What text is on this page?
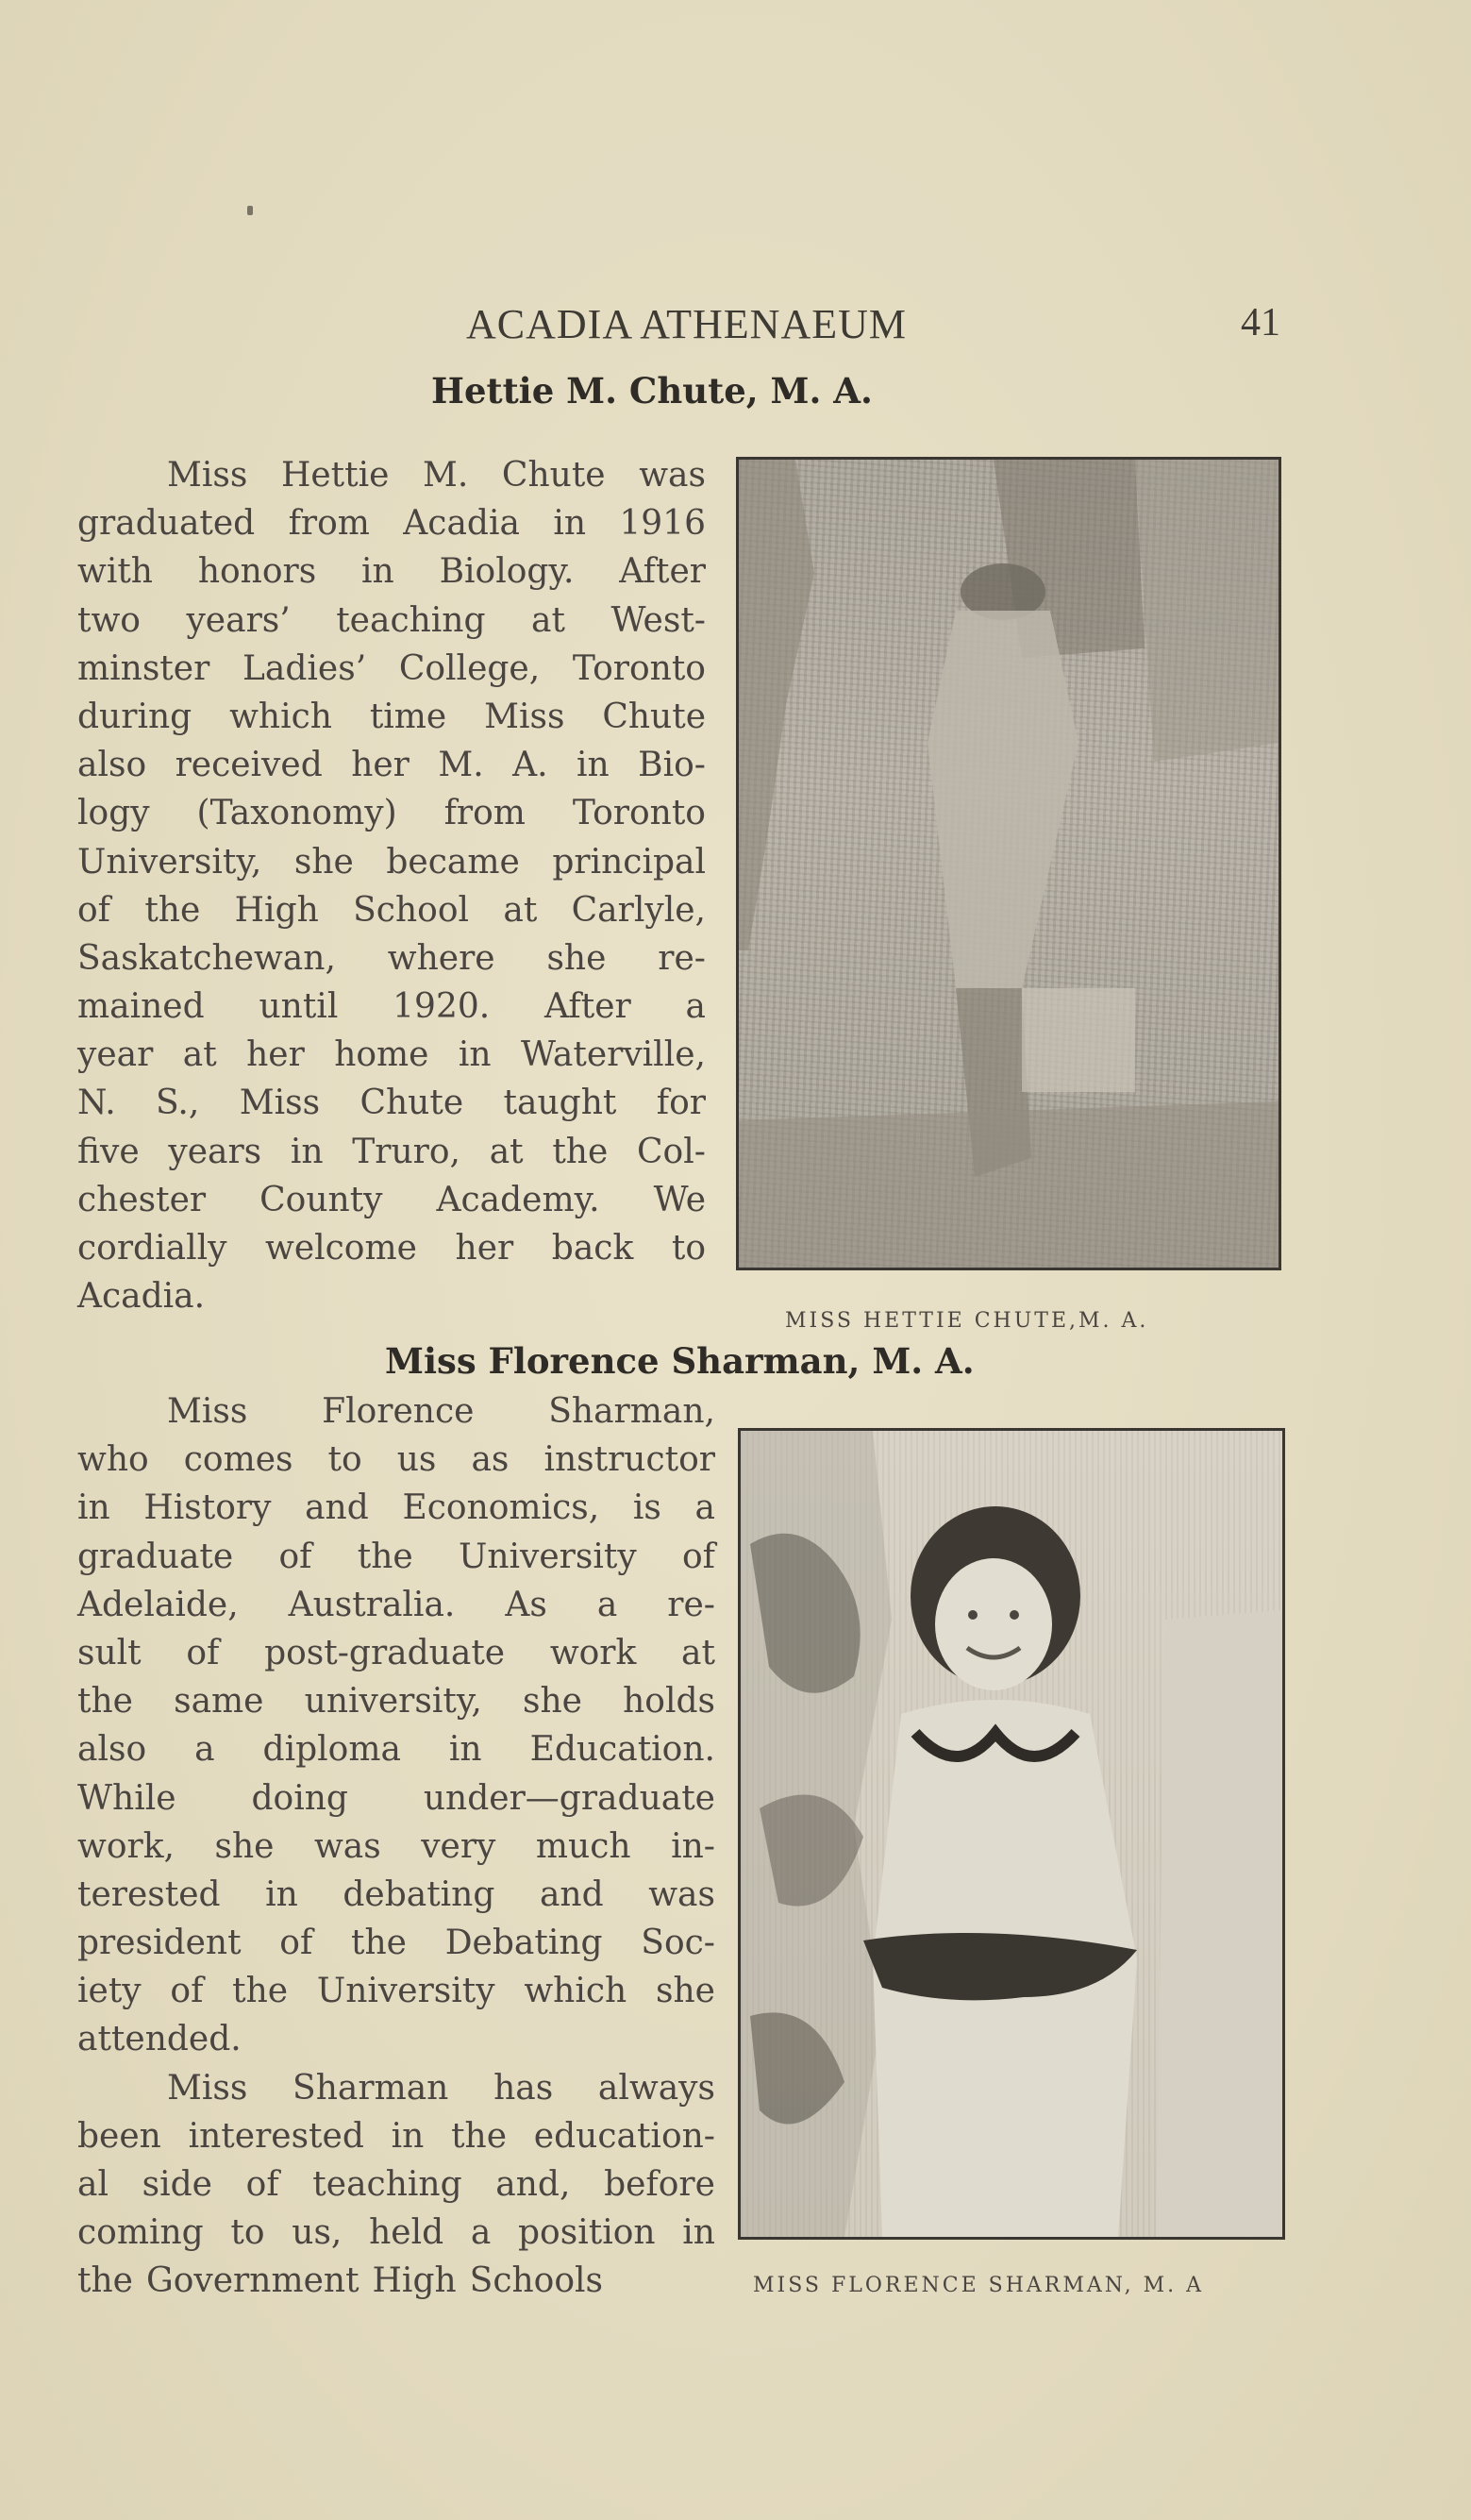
ACADIA ATHENAEUM	41
Hettie M. Chute, M. A.
Miss Hettie M. Chute was
graduated from Acadia in 1916
with honors in Biology. After
two years’ teaching at West-
minster Ladies’ College, Toronto
during which time Miss Chute
also received her M. A. in Bio-
logy (Taxonomy) from Toronto
University, she became principal
of the High School at Carlyle,
Saskatchewan, where she re-
mained until 1920. After a
year at her home in Waterville,
N. S., Miss Chute taught for
five years in Truro, at the Col-
chester County Academy. We
cordially welcome her back to
Acadia.
MISS HETTIE CHUTE,M. A.
Miss Florence Sharman, M. A.
Miss Florence Sharman,
who comes to us as instructor
in History and Economics, is a
graduate of the University of
Adelaide, Australia. As a re-
sult of post-graduate work at
the same university, she holds
also a diploma in Education.
While doing under—graduate
work, she was very much in-
terested in debating and was
president of the Debating Soc-
iety of the University which she
attended.
Miss Sharman has always
been interested in the education-
al side of teaching and, before
coming to us, held a position in
the Government High Schools	MISS FLORENCE SHARMAN, M. A
